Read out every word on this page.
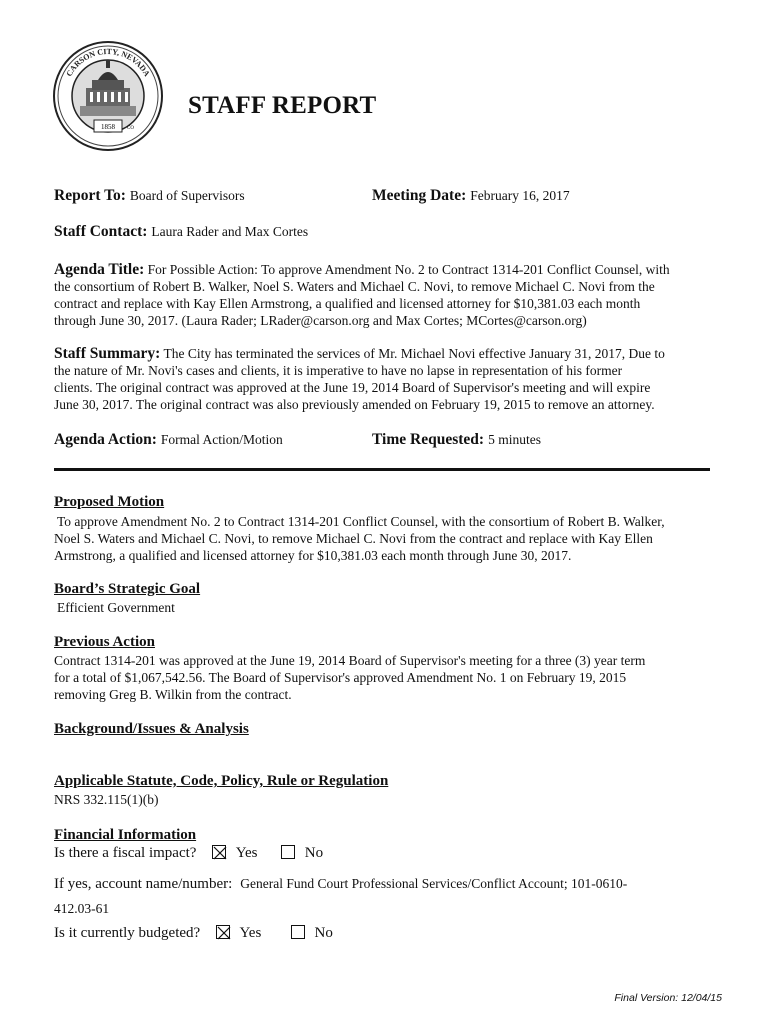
CARSON CITY, NEVADA
1858 CO
STAFF REPORT
Report To: Board of Supervisors	Meeting Date: February 16, 2017
Staff Contact: Laura Rader and Max Cortes
Agenda Title: For Possible Action: To approve Amendment No. 2 to Contract 1314-201 Conflict Counsel, with
the consortium of Robert B. Walker, Noel S. Waters and Michael C. Novi, to remove Michael C. Novi from the
contract and replace with Kay Ellen Armstrong, a qualified and licensed attorney for $10,381.03 each month
through June 30, 2017. (Laura Rader; LRader@carson.org and Max Cortes; MCortes@carson.org)
Staff Summary: The City has terminated the services of Mr. Michael Novi effective January 31, 2017, Due to
the nature of Mr. Novi's cases and clients, it is imperative to have no lapse in representation of his former
clients. The original contract was approved at the June 19, 2014 Board of Supervisor's meeting and will expire
June 30, 2017. The original contract was also previously amended on February 19, 2015 to remove an attorney.
Agenda Action: Formal Action/Motion	Time Requested: 5 minutes
Proposed Motion
To approve Amendment No. 2 to Contract 1314-201 Conflict Counsel, with the consortium of Robert B. Walker,
Noel S. Waters and Michael C. Novi, to remove Michael C. Novi from the contract and replace with Kay Ellen
Armstrong, a qualified and licensed attorney for $10,381.03 each month through June 30, 2017.
Board’s Strategic Goal
Efficient Government
Previous Action
Contract 1314-201 was approved at the June 19, 2014 Board of Supervisor's meeting for a three (3) year term
for a total of $1,067,542.56. The Board of Supervisor's approved Amendment No. 1 on February 19, 2015
removing Greg B. Wilkin from the contract.
Background/Issues & Analysis
Applicable Statute, Code, Policy, Rule or Regulation
NRS 332.115(1)(b)
Financial Information
Is there a fiscal impact?	Yes	No
If yes, account name/number: General Fund Court Professional Services/Conflict Account; 101-0610-
412.03-61
Is it currently budgeted?	Yes	No
Final Version: 12/04/15
